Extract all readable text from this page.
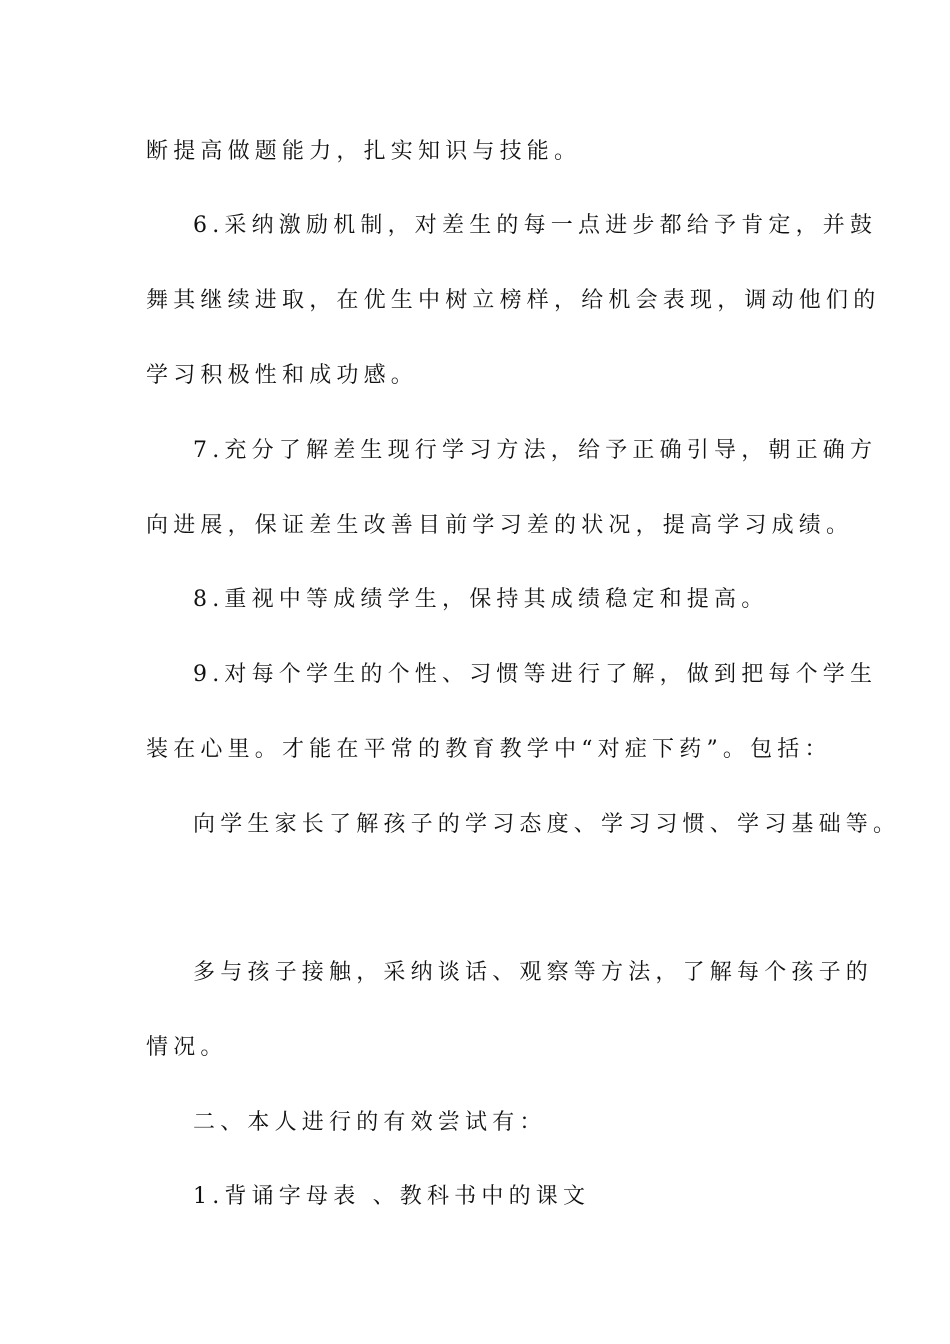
断提高做题能力，扎实知识与技能。
6.采纳激励机制，对差生的每一点进步都给予肯定，并鼓
舞其继续进取，在优生中树立榜样，给机会表现，调动他们的
学习积极性和成功感。
7.充分了解差生现行学习方法，给予正确引导，朝正确方
向进展，保证差生改善目前学习差的状况，提高学习成绩。
8.重视中等成绩学生，保持其成绩稳定和提高。
9.对每个学生的个性、习惯等进行了解，做到把每个学生
装在心里。才能在平常的教育教学中“对症下药”。包括：
向学生家长了解孩子的学习态度、学习习惯、学习基础等。
多与孩子接触，采纳谈话、观察等方法，了解每个孩子的
情况。
二、本人进行的有效尝试有：
1.背诵字母表 、教科书中的课文
